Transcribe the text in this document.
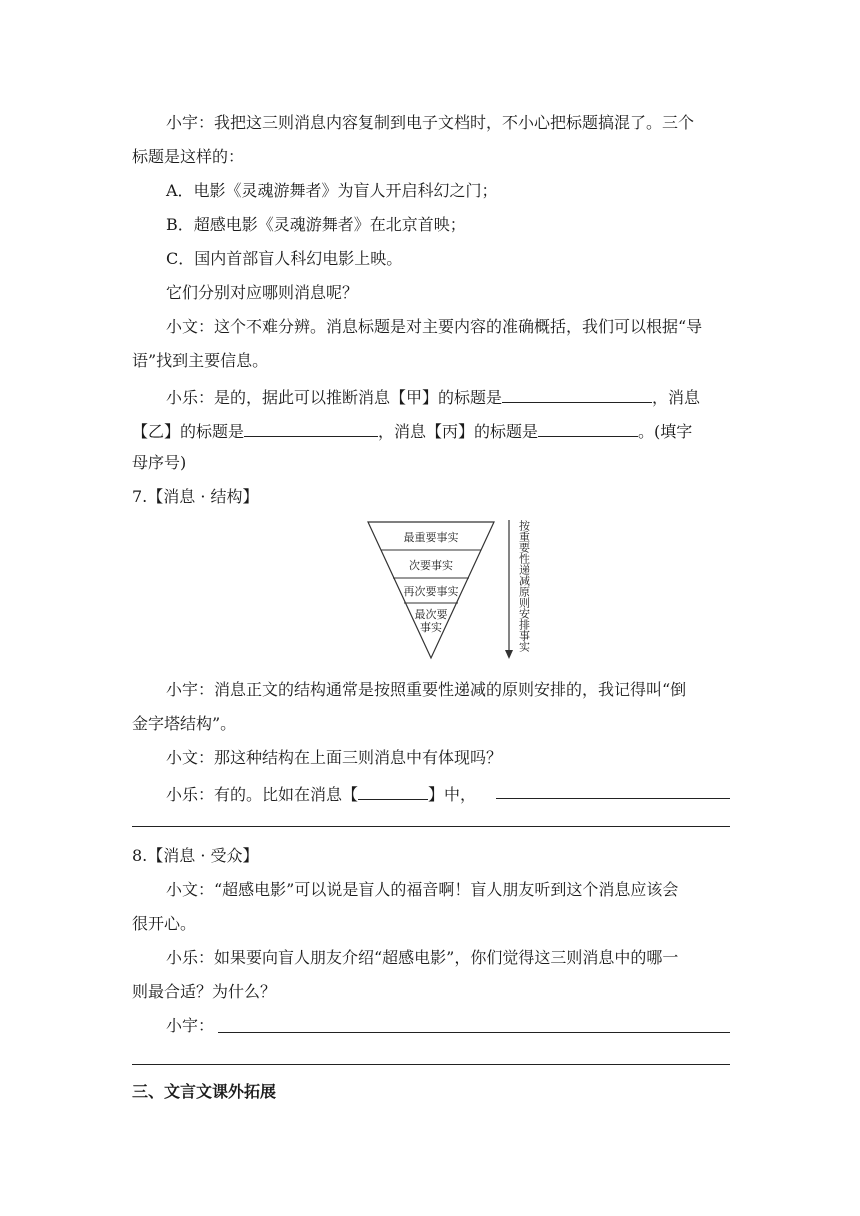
小宇：我把这三则消息内容复制到电子文档时，不小心把标题搞混了。三个
标题是这样的：
A．电影《灵魂游舞者》为盲人开启科幻之门；
B．超感电影《灵魂游舞者》在北京首映；
C．国内首部盲人科幻电影上映。
它们分别对应哪则消息呢？
小文：这个不难分辨。消息标题是对主要内容的准确概括，我们可以根据“导
语”找到主要信息。
小乐：是的，据此可以推断消息【甲】的标题是	，消息
【乙】的标题是	，消息【丙】的标题是	。(填字
母序号)
7.【消息 · 结构】
最重要事实
次要事实
再次要事实
最次要
事实	按重要性递减原则安排事实
小宇：消息正文的结构通常是按照重要性递减的原则安排的，我记得叫“倒
金字塔结构”。
小文：那这种结构在上面三则消息中有体现吗？
小乐：有的。比如在消息【	】中，
8.【消息 · 受众】
小文：“超感电影”可以说是盲人的福音啊！盲人朋友听到这个消息应该会
很开心。
小乐：如果要向盲人朋友介绍“超感电影”，你们觉得这三则消息中的哪一
则最合适？为什么？
小宇：
三、文言文课外拓展
